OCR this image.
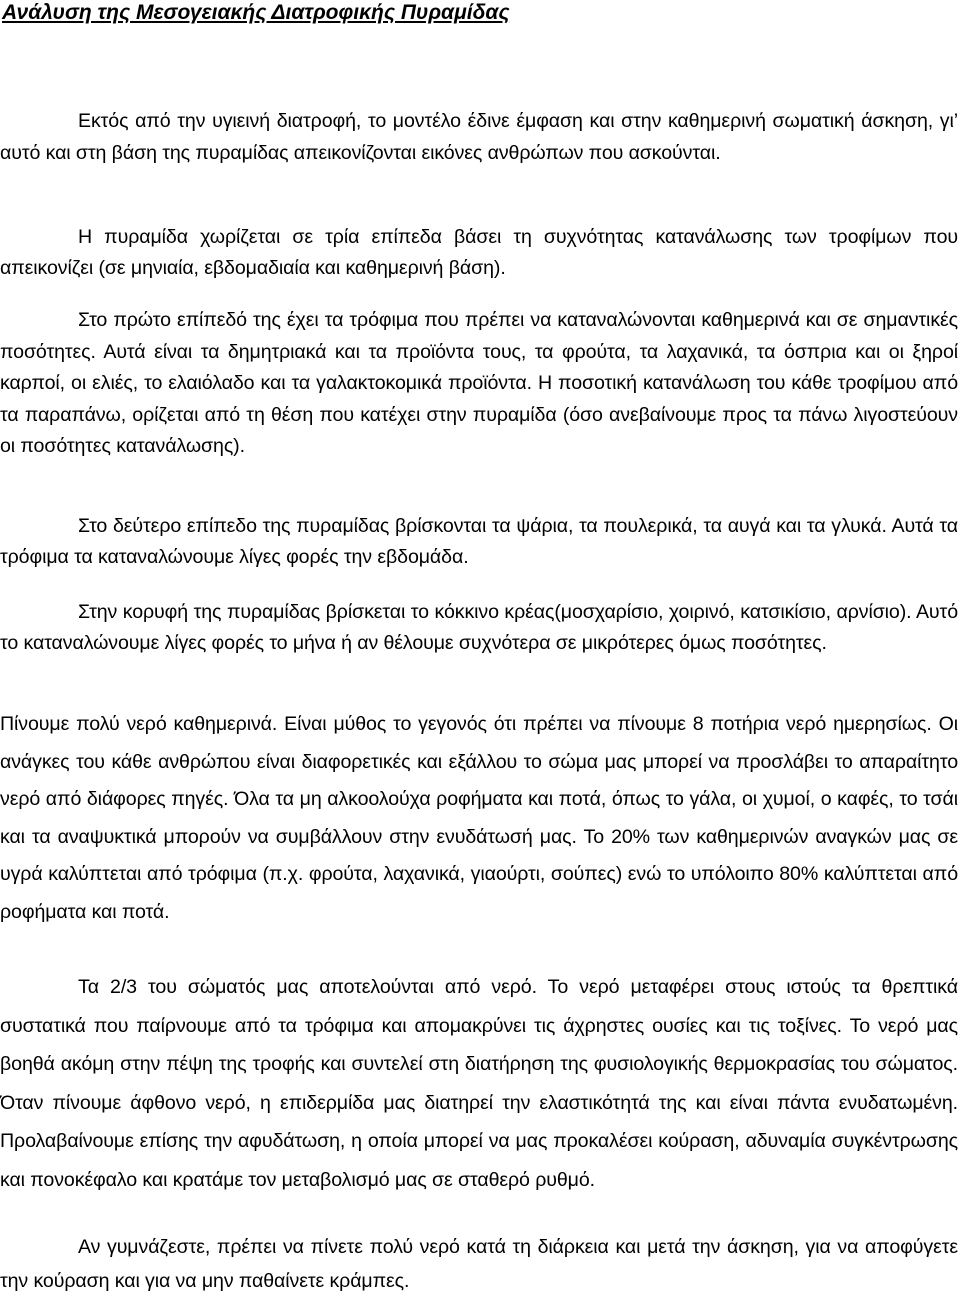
Ανάλυση της Μεσογειακής Διατροφικής Πυραμίδας

Εκτός από την υγιεινή διατροφή, το μοντέλο έδινε έμφαση και στην καθημερινή σωματική άσκηση, γι’ αυτό και στη βάση της πυραμίδας απεικονίζονται εικόνες ανθρώπων που ασκούνται.

Η πυραμίδα χωρίζεται σε τρία επίπεδα βάσει τη συχνότητας κατανάλωσης των τροφίμων που απεικονίζει (σε μηνιαία, εβδομαδιαία και καθημερινή βάση).

Στο πρώτο επίπεδό της έχει τα τρόφιμα που πρέπει να καταναλώνονται καθημερινά και σε σημαντικές ποσότητες. Αυτά είναι τα δημητριακά και τα προϊόντα τους, τα φρούτα, τα λαχανικά, τα όσπρια και οι ξηροί καρποί, οι ελιές, το ελαιόλαδο και τα γαλακτοκομικά προϊόντα. Η ποσοτική κατανάλωση του κάθε τροφίμου από τα παραπάνω, ορίζεται από τη θέση που κατέχει στην πυραμίδα (όσο ανεβαίνουμε προς τα πάνω λιγοστεύουν οι ποσότητες κατανάλωσης).

Στο δεύτερο επίπεδο της πυραμίδας βρίσκονται τα ψάρια, τα πουλερικά, τα αυγά και τα γλυκά. Αυτά τα τρόφιμα τα καταναλώνουμε λίγες φορές την εβδομάδα.

Στην κορυφή της πυραμίδας βρίσκεται το κόκκινο κρέας(μοσχαρίσιο, χοιρινό, κατσικίσιο, αρνίσιο). Αυτό το καταναλώνουμε λίγες φορές το μήνα ή αν θέλουμε συχνότερα σε μικρότερες όμως ποσότητες.

Πίνουμε πολύ νερό καθημερινά. Είναι μύθος το γεγονός ότι πρέπει να πίνουμε 8 ποτήρια νερό ημερησίως. Οι ανάγκες του κάθε ανθρώπου είναι διαφορετικές και εξάλλου το σώμα μας μπορεί να προσλάβει το απαραίτητο νερό από διάφορες πηγές. Όλα τα μη αλκοολούχα ροφήματα και ποτά, όπως το γάλα, οι χυμοί, ο καφές, το τσάι και τα αναψυκτικά μπορούν να συμβάλλουν στην ενυδάτωσή μας. Το 20% των καθημερινών αναγκών μας σε υγρά καλύπτεται από τρόφιμα (π.χ. φρούτα, λαχανικά, γιαούρτι, σούπες) ενώ το υπόλοιπο 80% καλύπτεται από ροφήματα και ποτά.

Τα 2/3 του σώματός μας αποτελούνται από νερό. Το νερό μεταφέρει στους ιστούς τα θρεπτικά συστατικά που παίρνουμε από τα τρόφιμα και απομακρύνει τις άχρηστες ουσίες και τις τοξίνες. Το νερό μας βοηθά ακόμη στην πέψη της τροφής και συντελεί στη διατήρηση της φυσιολογικής θερμοκρασίας του σώματος. Όταν πίνουμε άφθονο νερό, η επιδερμίδα μας διατηρεί την ελαστικότητά της και είναι πάντα ενυδατωμένη. Προλαβαίνουμε επίσης την αφυδάτωση, η οποία μπορεί να μας προκαλέσει κούραση, αδυναμία συγκέντρωσης και πονοκέφαλο και κρατάμε τον μεταβολισμό μας σε σταθερό ρυθμό.

Αν γυμνάζεστε, πρέπει να πίνετε πολύ νερό κατά τη διάρκεια και μετά την άσκηση, για να αποφύγετε την κούραση και για να μην παθαίνετε κράμπες.
